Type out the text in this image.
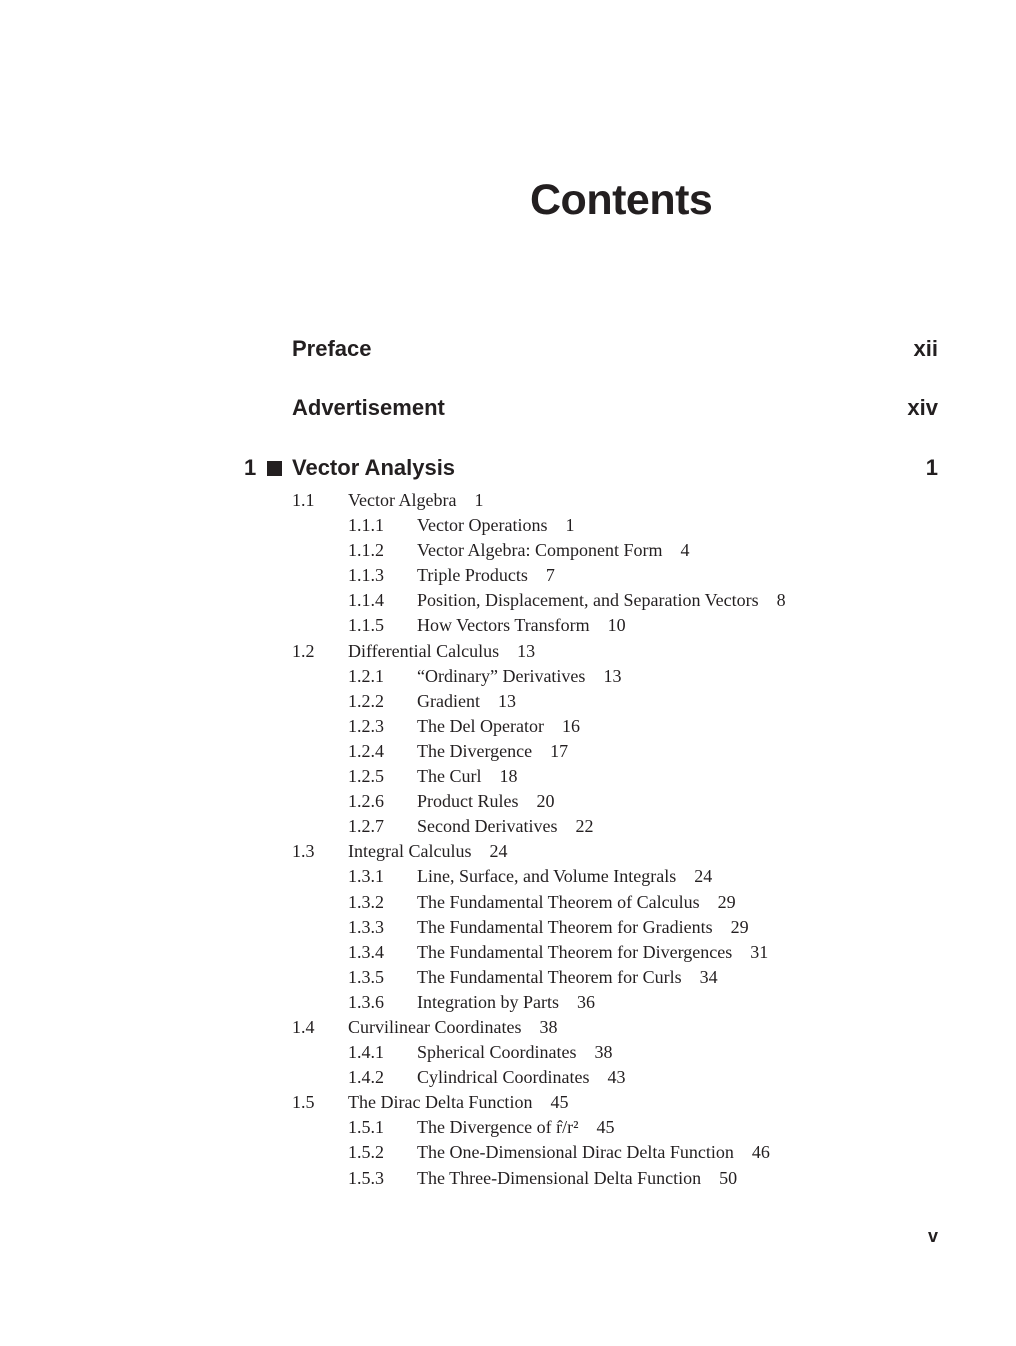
Contents
Preface	xii
Advertisement	xiv
1 Vector Analysis	1
1.1 Vector Algebra 1
1.1.1 Vector Operations 1
1.1.2 Vector Algebra: Component Form 4
1.1.3 Triple Products 7
1.1.4 Position, Displacement, and Separation Vectors 8
1.1.5 How Vectors Transform 10
1.2 Differential Calculus 13
1.2.1 “Ordinary” Derivatives 13
1.2.2 Gradient 13
1.2.3 The Del Operator 16
1.2.4 The Divergence 17
1.2.5 The Curl 18
1.2.6 Product Rules 20
1.2.7 Second Derivatives 22
1.3 Integral Calculus 24
1.3.1 Line, Surface, and Volume Integrals 24
1.3.2 The Fundamental Theorem of Calculus 29
1.3.3 The Fundamental Theorem for Gradients 29
1.3.4 The Fundamental Theorem for Divergences 31
1.3.5 The Fundamental Theorem for Curls 34
1.3.6 Integration by Parts 36
1.4 Curvilinear Coordinates 38
1.4.1 Spherical Coordinates 38
1.4.2 Cylindrical Coordinates 43
1.5 The Dirac Delta Function 45
1.5.1 The Divergence of r̂/r² 45
1.5.2 The One-Dimensional Dirac Delta Function 46
1.5.3 The Three-Dimensional Delta Function 50
v
